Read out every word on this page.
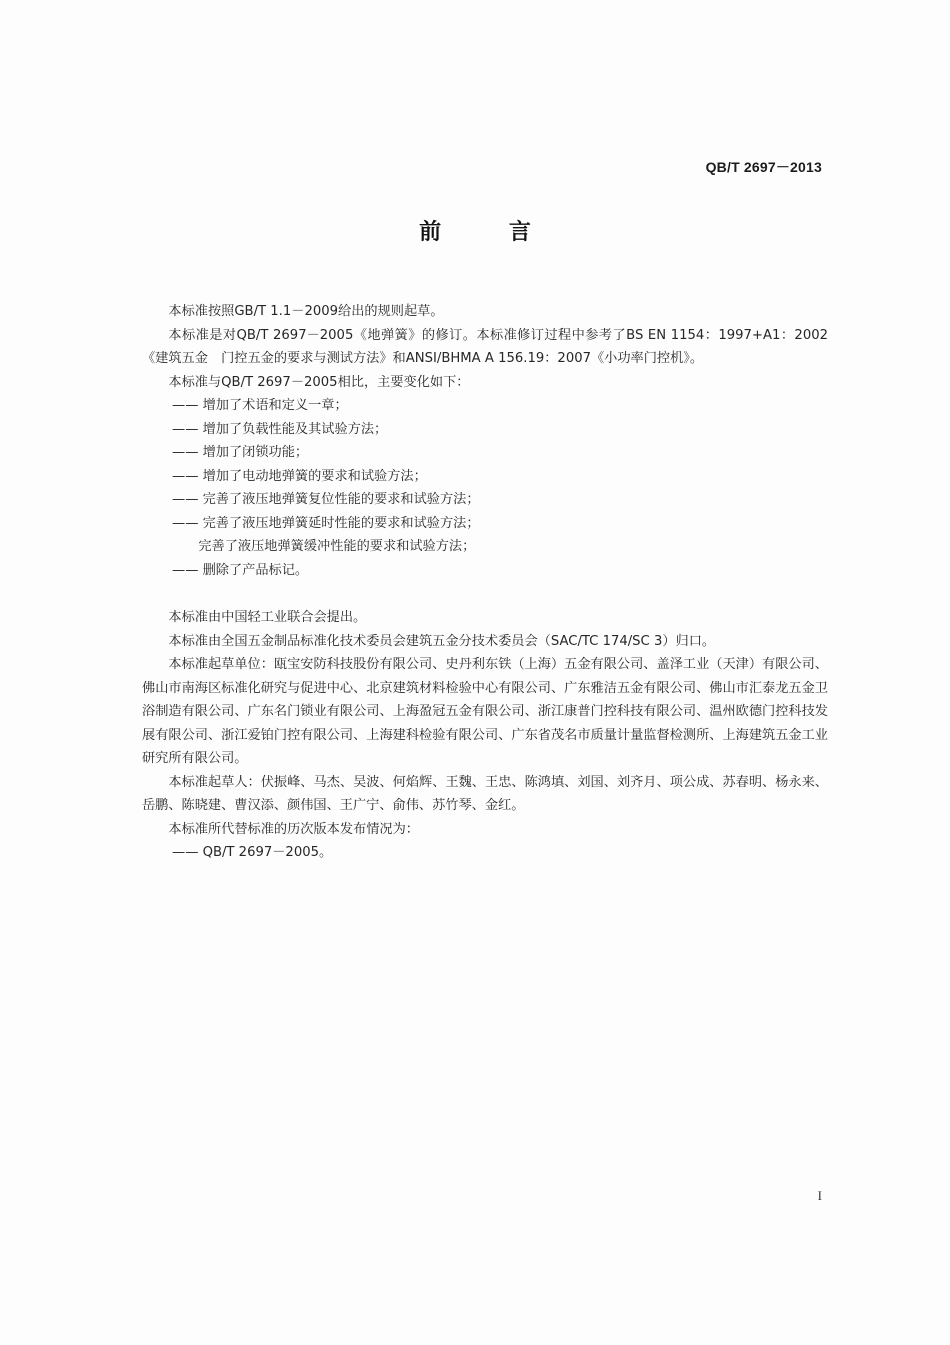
QB/T 2697－2013
前 言

本标准按照GB/T 1.1－2009给出的规则起草。

本标准是对QB/T 2697－2005《地弹簧》的修订。本标准修订过程中参考了BS EN 1154：1997+A1：2002《建筑五金　门控五金的要求与测试方法》和ANSI/BHMA A 156.19：2007《小功率门控机》。

本标准与QB/T 2697－2005相比，主要变化如下：

—— 增加了术语和定义一章；
—— 增加了负载性能及其试验方法；
—— 增加了闭锁功能；
—— 增加了电动地弹簧的要求和试验方法；
—— 完善了液压地弹簧复位性能的要求和试验方法；
—— 完善了液压地弹簧延时性能的要求和试验方法；
　　完善了液压地弹簧缓冲性能的要求和试验方法；
—— 删除了产品标记。

本标准由中国轻工业联合会提出。

本标准由全国五金制品标准化技术委员会建筑五金分技术委员会（SAC/TC 174/SC 3）归口。

本标准起草单位：瓯宝安防科技股份有限公司、史丹利东铁（上海）五金有限公司、盖泽工业（天津）有限公司、佛山市南海区标准化研究与促进中心、北京建筑材料检验中心有限公司、广东雅洁五金有限公司、佛山市汇泰龙五金卫浴制造有限公司、广东名门锁业有限公司、上海盈冠五金有限公司、浙江康普门控科技有限公司、温州欧德门控科技发展有限公司、浙江爱铂门控有限公司、上海建科检验有限公司、广东省茂名市质量计量监督检测所、上海建筑五金工业研究所有限公司。

本标准起草人：伏振峰、马杰、吴波、何焰辉、王魏、王忠、陈鸿填、刘国、刘齐月、项公成、苏春明、杨永来、岳鹏、陈晓建、曹汉添、颜伟国、王广宁、俞伟、苏竹琴、金红。

本标准所代替标准的历次版本发布情况为：

—— QB/T 2697－2005。
I
